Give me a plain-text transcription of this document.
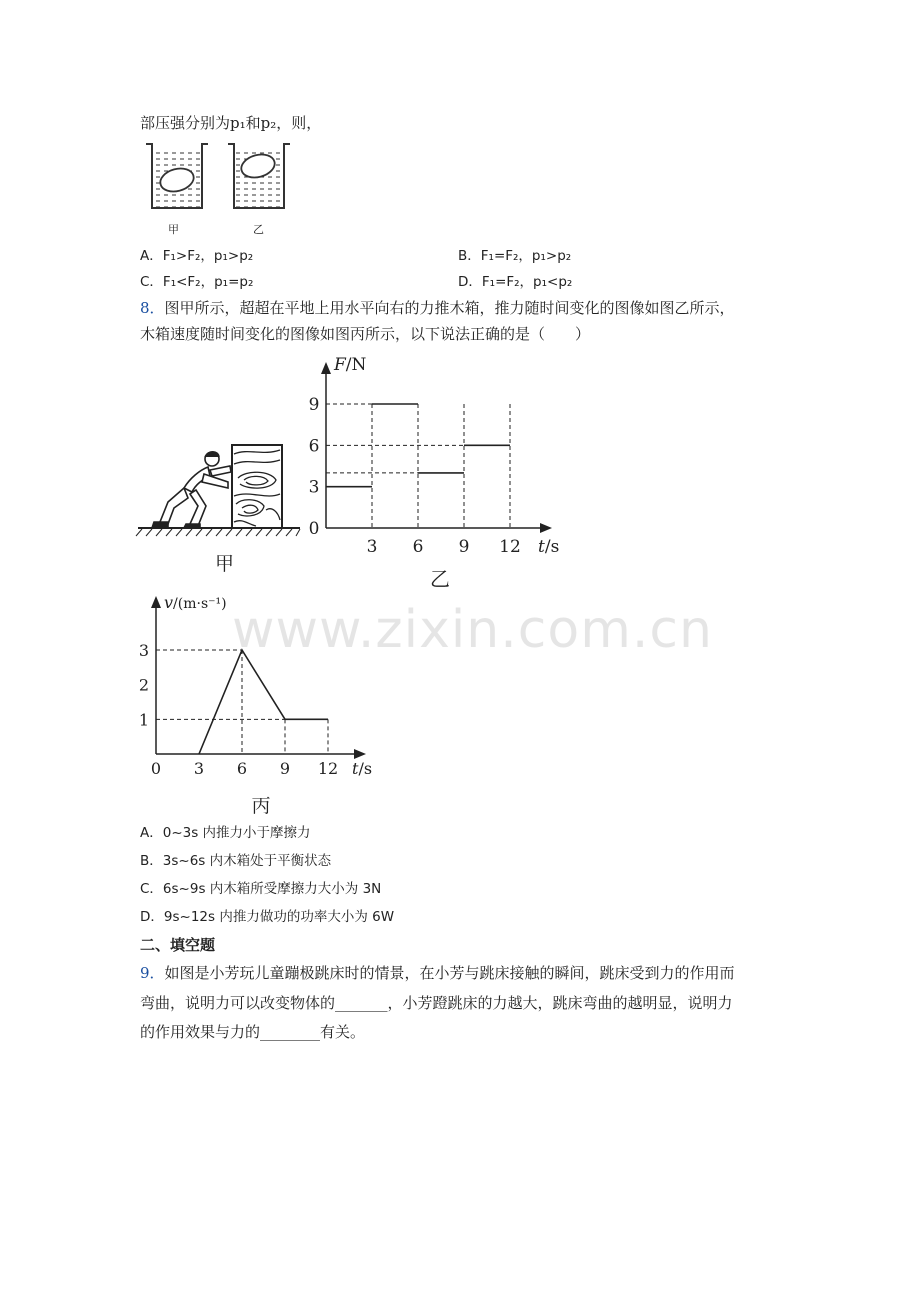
部压强分别为p₁和p₂，则，
甲	乙
A．F₁>F₂，p₁>p₂	B．F₁=F₂，p₁>p₂
C．F₁<F₂，p₁=p₂	D．F₁=F₂，p₁<p₂
8．图甲所示，超超在平地上用水平向右的力推木箱，推力随时间变化的图像如图乙所示，
木箱速度随时间变化的图像如图丙所示，以下说法正确的是（　　）
甲
0
3
6
9
3 6 9 12
F/N
t/s
乙
1
2
3
0 3 6 9 12
v/(m·s⁻¹)
t/s
丙
www.zixin.com.cn
A．0~3s 内推力小于摩擦力
B．3s~6s 内木箱处于平衡状态
C．6s~9s 内木箱所受摩擦力大小为 3N
D．9s~12s 内推力做功的功率大小为 6W
二、填空题
9．如图是小芳玩儿童蹦极跳床时的情景，在小芳与跳床接触的瞬间，跳床受到力的作用而
弯曲，说明力可以改变物体的_______，小芳蹬跳床的力越大，跳床弯曲的越明显，说明力
的作用效果与力的________有关。
